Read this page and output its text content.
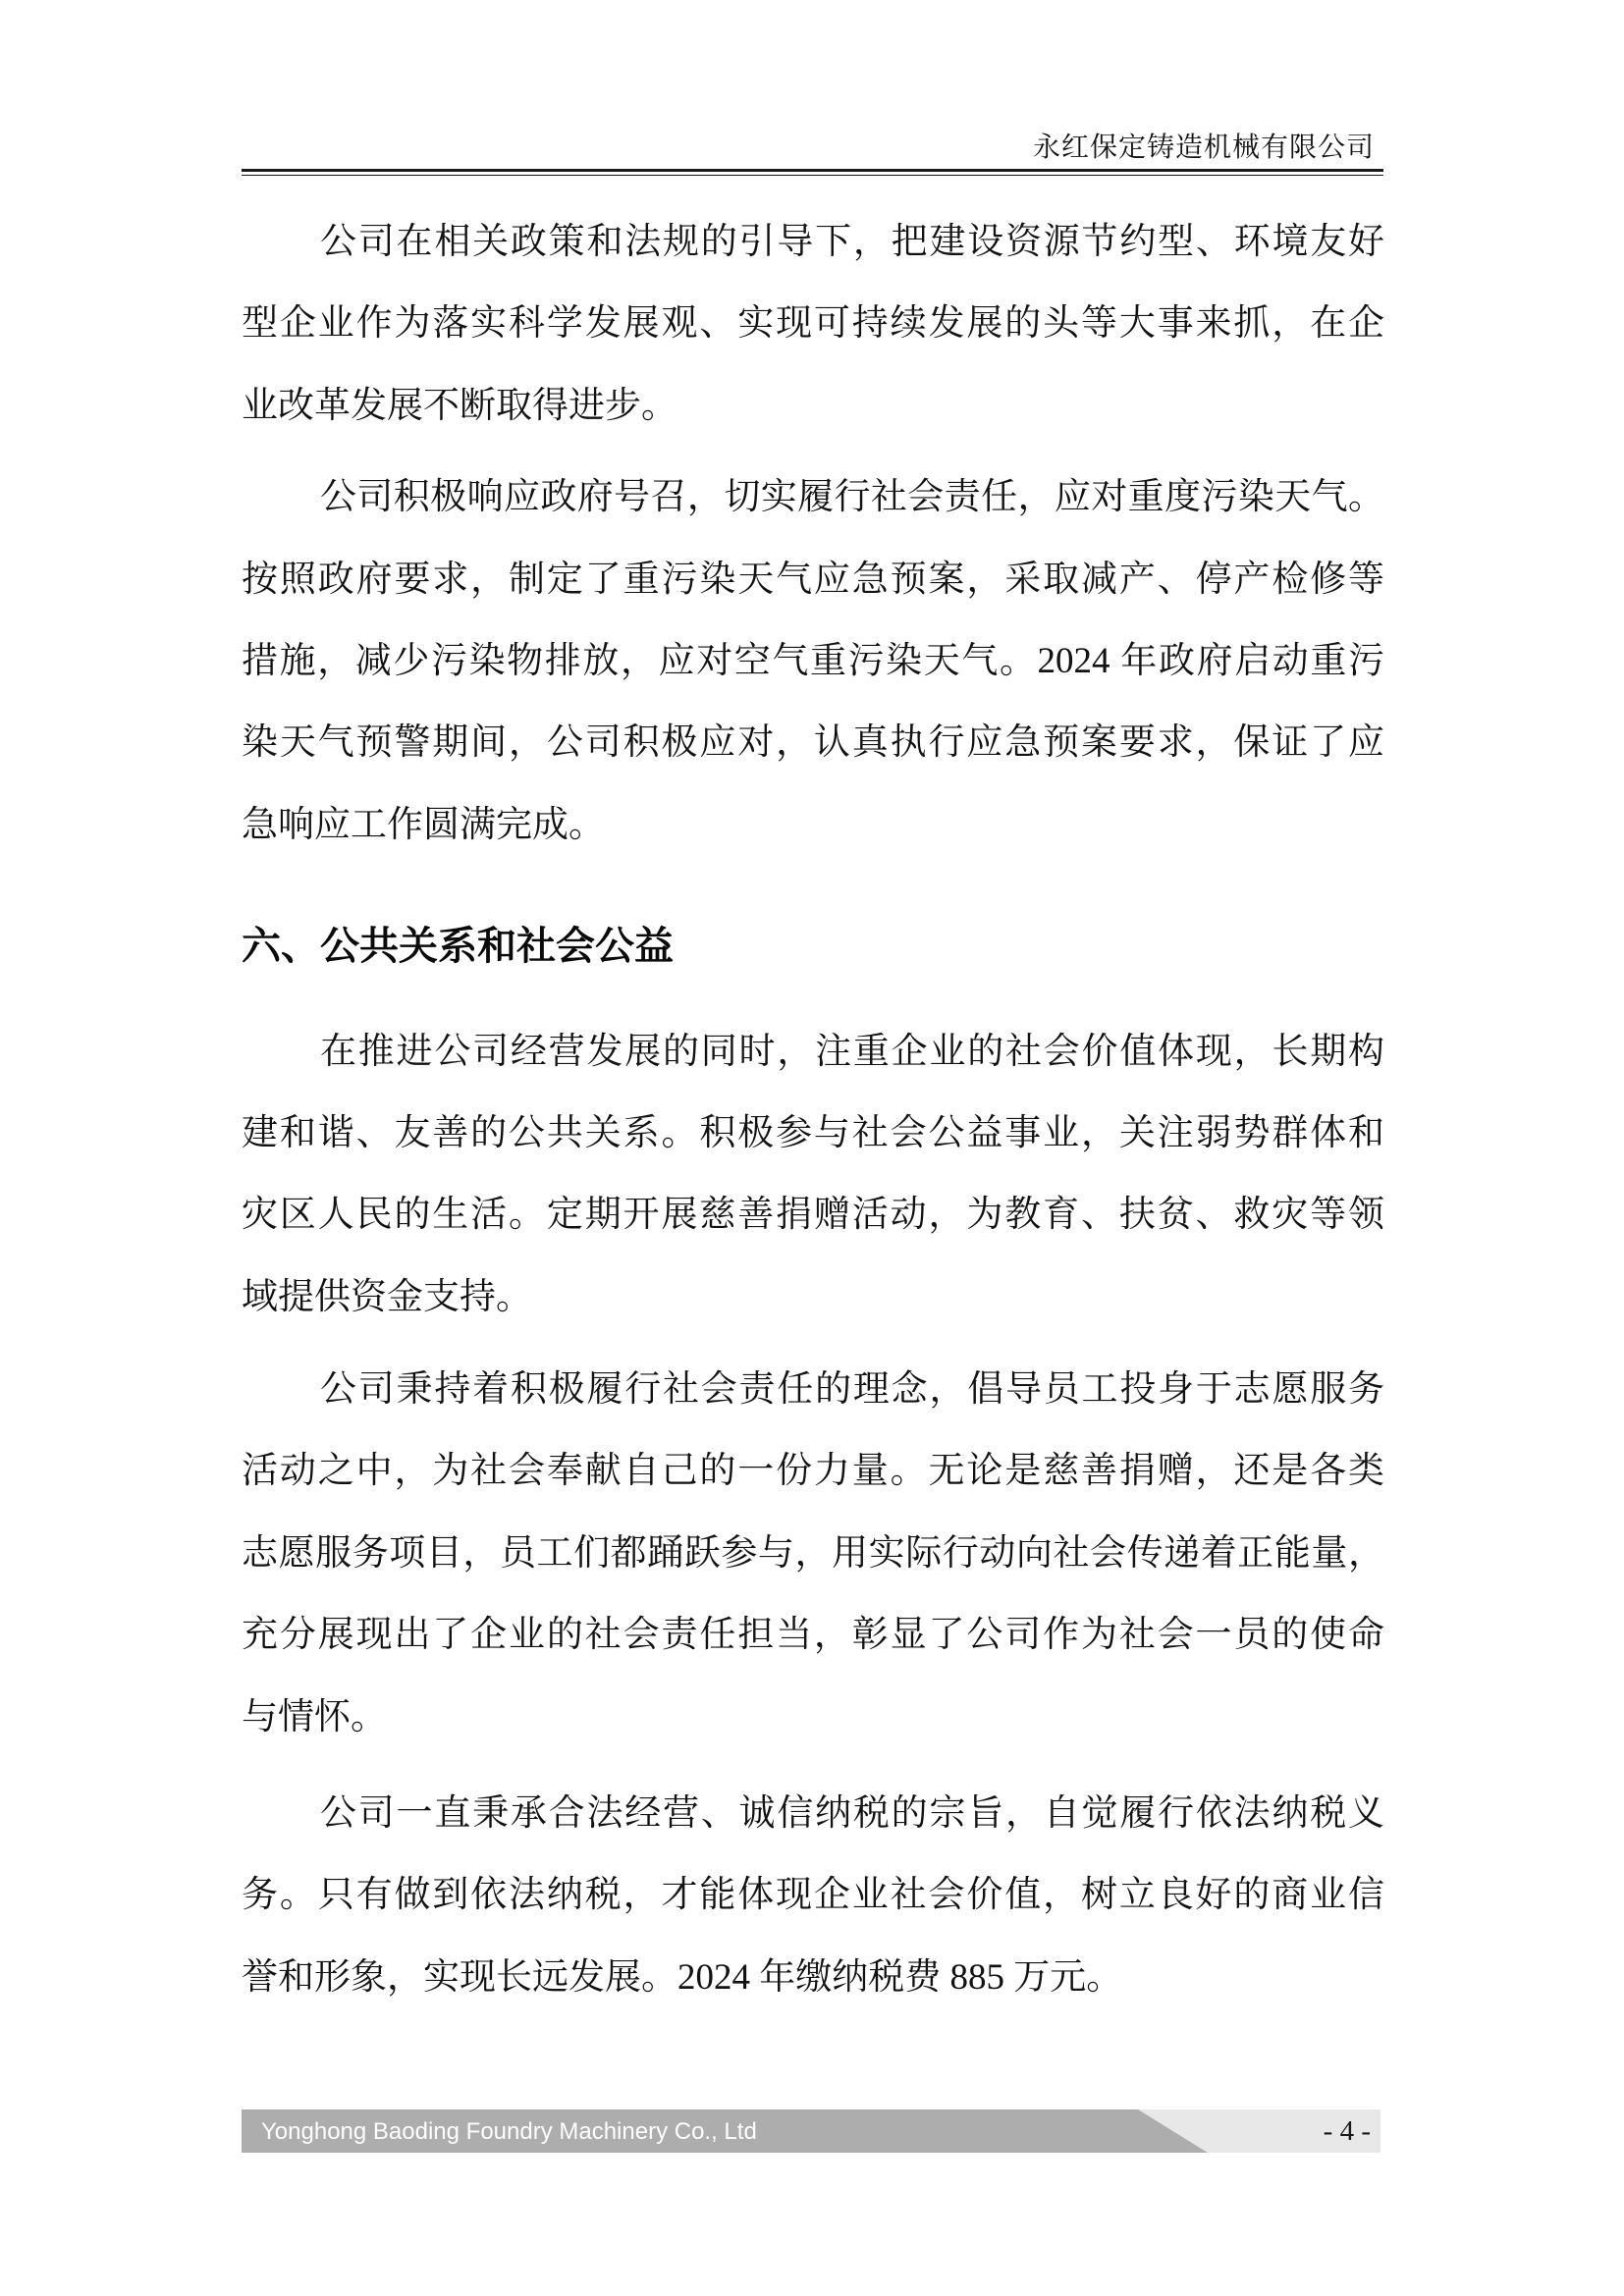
永红保定铸造机械有限公司
公司在相关政策和法规的引导下，把建设资源节约型、环境友好
型企业作为落实科学发展观、实现可持续发展的头等大事来抓，在企
业改革发展不断取得进步。
公司积极响应政府号召，切实履行社会责任，应对重度污染天气。
按照政府要求，制定了重污染天气应急预案，采取减产、停产检修等
措施，减少污染物排放，应对空气重污染天气。2024 年政府启动重污
染天气预警期间，公司积极应对，认真执行应急预案要求，保证了应
急响应工作圆满完成。
六、公共关系和社会公益
在推进公司经营发展的同时，注重企业的社会价值体现，长期构
建和谐、友善的公共关系。积极参与社会公益事业，关注弱势群体和
灾区人民的生活。定期开展慈善捐赠活动，为教育、扶贫、救灾等领
域提供资金支持。
公司秉持着积极履行社会责任的理念，倡导员工投身于志愿服务
活动之中，为社会奉献自己的一份力量。无论是慈善捐赠，还是各类
志愿服务项目，员工们都踊跃参与，用实际行动向社会传递着正能量，
充分展现出了企业的社会责任担当，彰显了公司作为社会一员的使命
与情怀。
公司一直秉承合法经营、诚信纳税的宗旨，自觉履行依法纳税义
务。只有做到依法纳税，才能体现企业社会价值，树立良好的商业信
誉和形象，实现长远发展。2024 年缴纳税费 885 万元。
Yonghong Baoding Foundry Machinery Co., Ltd	- 4 -
